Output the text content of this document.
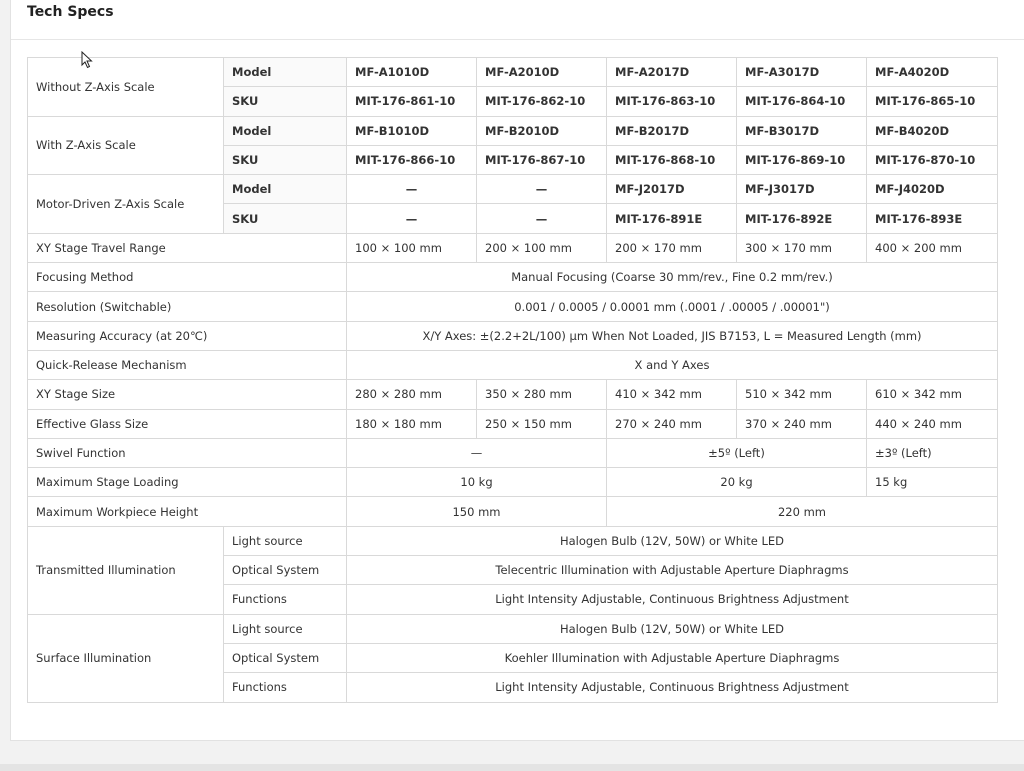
Tech Specs
Without Z-Axis Scale	Model	MF-A1010D	MF-A2010D	MF-A2017D	MF-A3017D	MF-A4020D
	SKU	MIT-176-861-10	MIT-176-862-10	MIT-176-863-10	MIT-176-864-10	MIT-176-865-10
With Z-Axis Scale	Model	MF-B1010D	MF-B2010D	MF-B2017D	MF-B3017D	MF-B4020D
	SKU	MIT-176-866-10	MIT-176-867-10	MIT-176-868-10	MIT-176-869-10	MIT-176-870-10
Motor-Driven Z-Axis Scale	Model	—	—	MF-J2017D	MF-J3017D	MF-J4020D
	SKU	—	—	MIT-176-891E	MIT-176-892E	MIT-176-893E
XY Stage Travel Range		100 × 100 mm	200 × 100 mm	200 × 170 mm	300 × 170 mm	400 × 200 mm
Focusing Method		Manual Focusing (Coarse 30 mm/rev., Fine 0.2 mm/rev.)				
Resolution (Switchable)		0.001 / 0.0005 / 0.0001 mm (.0001 / .00005 / .00001")				
Measuring Accuracy (at 20℃)		X/Y Axes: ±(2.2+2L/100) µm When Not Loaded, JIS B7153, L = Measured Length (mm)				
Quick-Release Mechanism		X and Y Axes				
XY Stage Size		280 × 280 mm	350 × 280 mm	410 × 342 mm	510 × 342 mm	610 × 342 mm
Effective Glass Size		180 × 180 mm	250 × 150 mm	270 × 240 mm	370 × 240 mm	440 × 240 mm
Swivel Function		—		±5º (Left)		±3º (Left)
Maximum Stage Loading		10 kg		20 kg		15 kg
Maximum Workpiece Height		150 mm		220 mm		
Transmitted Illumination	Light source	Halogen Bulb (12V, 50W) or White LED				
	Optical System	Telecentric Illumination with Adjustable Aperture Diaphragms				
	Functions	Light Intensity Adjustable, Continuous Brightness Adjustment				
Surface Illumination	Light source	Halogen Bulb (12V, 50W) or White LED				
	Optical System	Koehler Illumination with Adjustable Aperture Diaphragms				
	Functions	Light Intensity Adjustable, Continuous Brightness Adjustment				
